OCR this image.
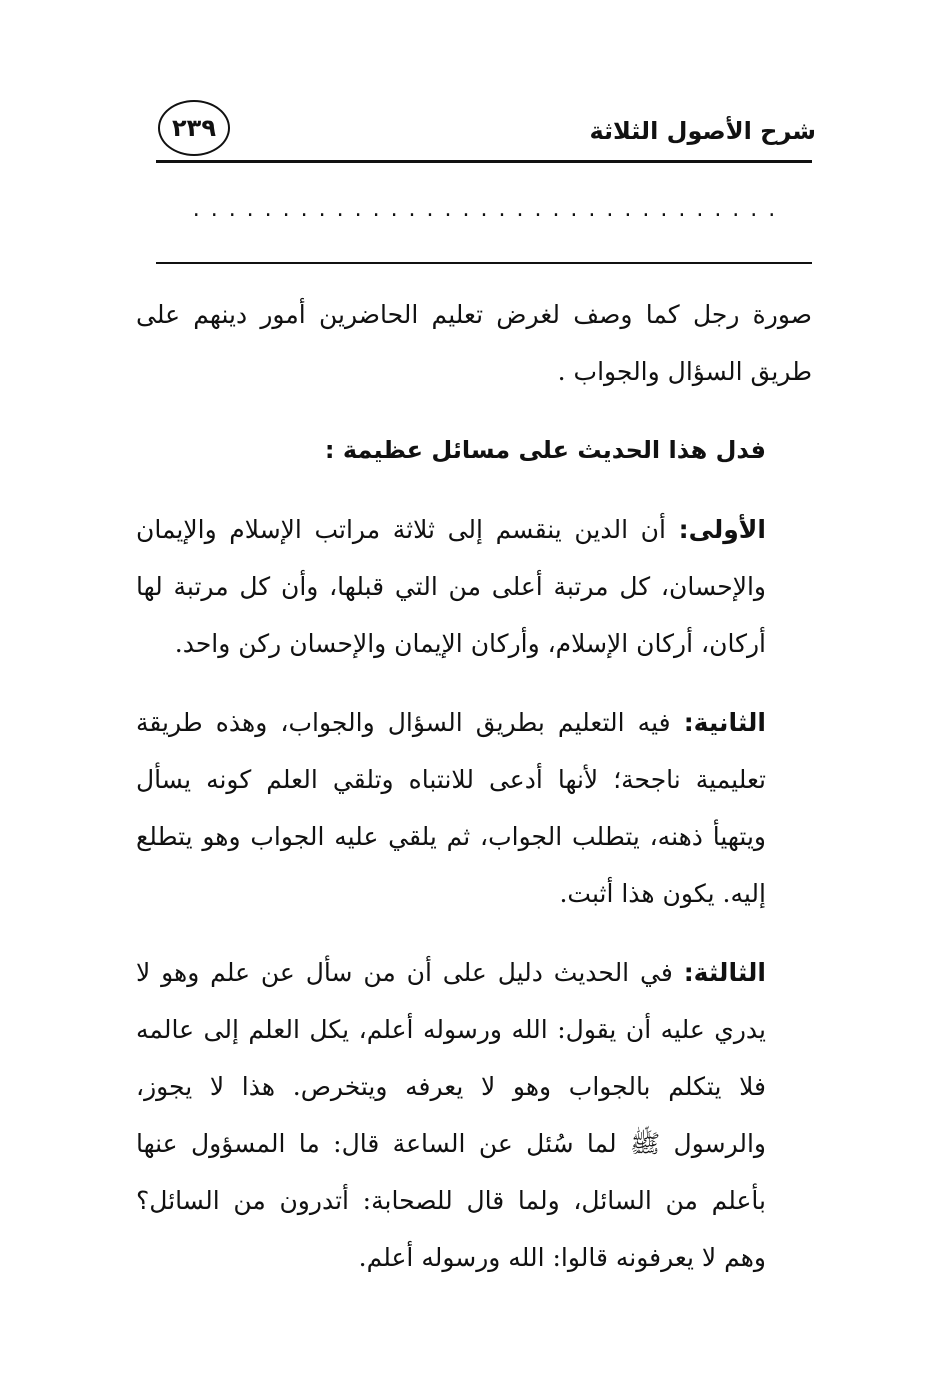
شرح الأصول الثلاثة
٢٣٩
. . . . . . . . . . . . . . . . . . . . . . . . . . . . . . . . .

صورة رجل كما وصف لغرض تعليم الحاضرين أمور دينهم على طريق السؤال والجواب .

فدل هذا الحديث على مسائل عظيمة :

الأولى: أن الدين ينقسم إلى ثلاثة مراتب الإسلام والإيمان والإحسان، كل مرتبة أعلى من التي قبلها، وأن كل مرتبة لها أركان، أركان الإسلام، وأركان الإيمان والإحسان ركن واحد.

الثانية: فيه التعليم بطريق السؤال والجواب، وهذه طريقة تعليمية ناجحة؛ لأنها أدعى للانتباه وتلقي العلم كونه يسأل ويتهيأ ذهنه، يتطلب الجواب، ثم يلقي عليه الجواب وهو يتطلع إليه. يكون هذا أثبت.

الثالثة: في الحديث دليل على أن من سأل عن علم وهو لا يدري عليه أن يقول: الله ورسوله أعلم، يكل العلم إلى عالمه فلا يتكلم بالجواب وهو لا يعرفه ويتخرص. هذا لا يجوز، والرسول ﷺ لما سُئل عن الساعة قال: ما المسؤول عنها بأعلم من السائل، ولما قال للصحابة: أتدرون من السائل؟ وهم لا يعرفونه قالوا: الله ورسوله أعلم.
